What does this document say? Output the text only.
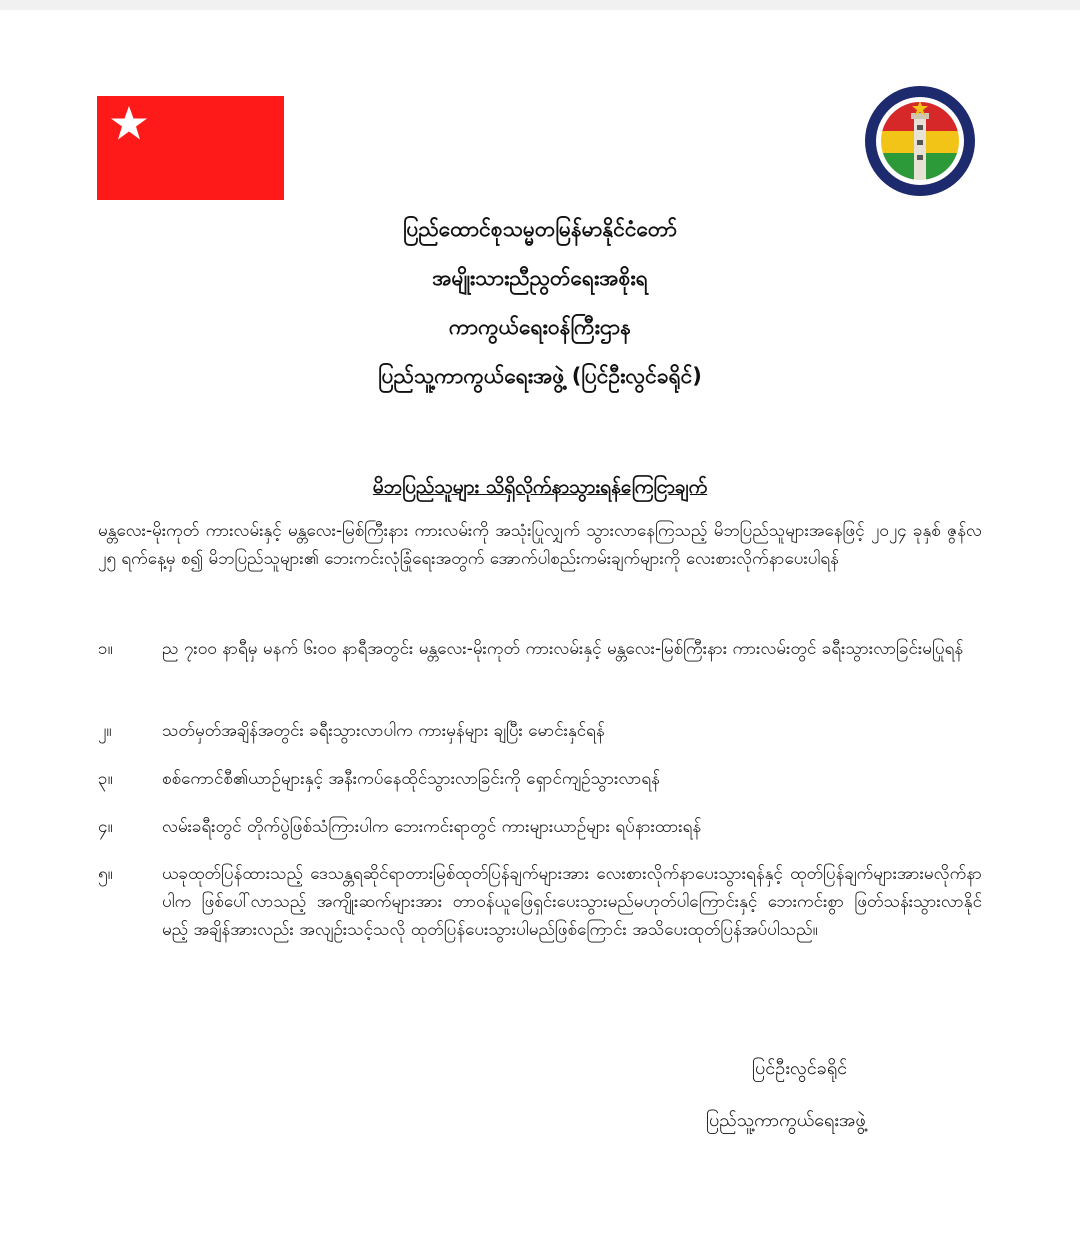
ပြည်ထောင်စုသမ္မတမြန်မာနိုင်ငံတော်
အမျိုးသားညီညွတ်ရေးအစိုးရ
ကာကွယ်ရေးဝန်ကြီးဌာန
ပြည်သူ့ကာကွယ်ရေးအဖွဲ့ (ပြင်ဦးလွင်ခရိုင်)
မိဘပြည်သူများ သိရှိလိုက်နာသွားရန်ကြေငြာချက်
မန္တလေး-မိုးကုတ် ကားလမ်းနှင့် မန္တလေး-မြစ်ကြီးနား ကားလမ်းကို အသုံးပြုလျှက် သွားလာနေကြသည့် မိဘပြည်သူများအနေဖြင့် ၂၀၂၄ ခုနှစ် ဇွန်လ ၂၅ ရက်နေ့မှ စ၍ မိဘပြည်သူများ၏ ဘေးကင်းလုံခြုံရေးအတွက် အောက်ပါစည်းကမ်းချက်များကို လေးစားလိုက်နာပေးပါရန်
၁။	ည ၇း၀၀ နာရီမှ မနက် ၆း၀၀ နာရီအတွင်း မန္တလေး-မိုးကုတ် ကားလမ်းနှင့် မန္တလေး-မြစ်ကြီးနား ကားလမ်းတွင် ခရီးသွားလာခြင်းမပြုရန်
၂။	သတ်မှတ်အချိန်အတွင်း ခရီးသွားလာပါက ကားမှန်များ ချပြီး မောင်းနှင်ရန်
၃။	စစ်ကောင်စီ၏ယာဉ်များနှင့် အနီးကပ်နေထိုင်သွားလာခြင်းကို ရှောင်ကျဉ်သွားလာရန်
၄။	လမ်းခရီးတွင် တိုက်ပွဲဖြစ်သံကြားပါက ဘေးကင်းရာတွင် ကားများယာဉ်များ ရပ်နားထားရန်
၅။	ယခုထုတ်ပြန်ထားသည့် ဒေသန္တရဆိုင်ရာတားမြစ်ထုတ်ပြန်ချက်များအား လေးစားလိုက်နာပေးသွားရန်နှင့် ထုတ်ပြန်ချက်များအားမလိုက်နာပါက ဖြစ်ပေါ်လာသည့် အကျိုးဆက်များအား တာဝန်ယူဖြေရှင်းပေးသွားမည်မဟုတ်ပါကြောင်းနှင့် ဘေးကင်းစွာ ဖြတ်သန်းသွားလာနိုင်မည့် အချိန်အားလည်း အလျဉ်းသင့်သလို ထုတ်ပြန်ပေးသွားပါမည်ဖြစ်ကြောင်း အသိပေးထုတ်ပြန်အပ်ပါသည်။
ပြင်ဦးလွင်ခရိုင်
ပြည်သူ့ကာကွယ်ရေးအဖွဲ့
